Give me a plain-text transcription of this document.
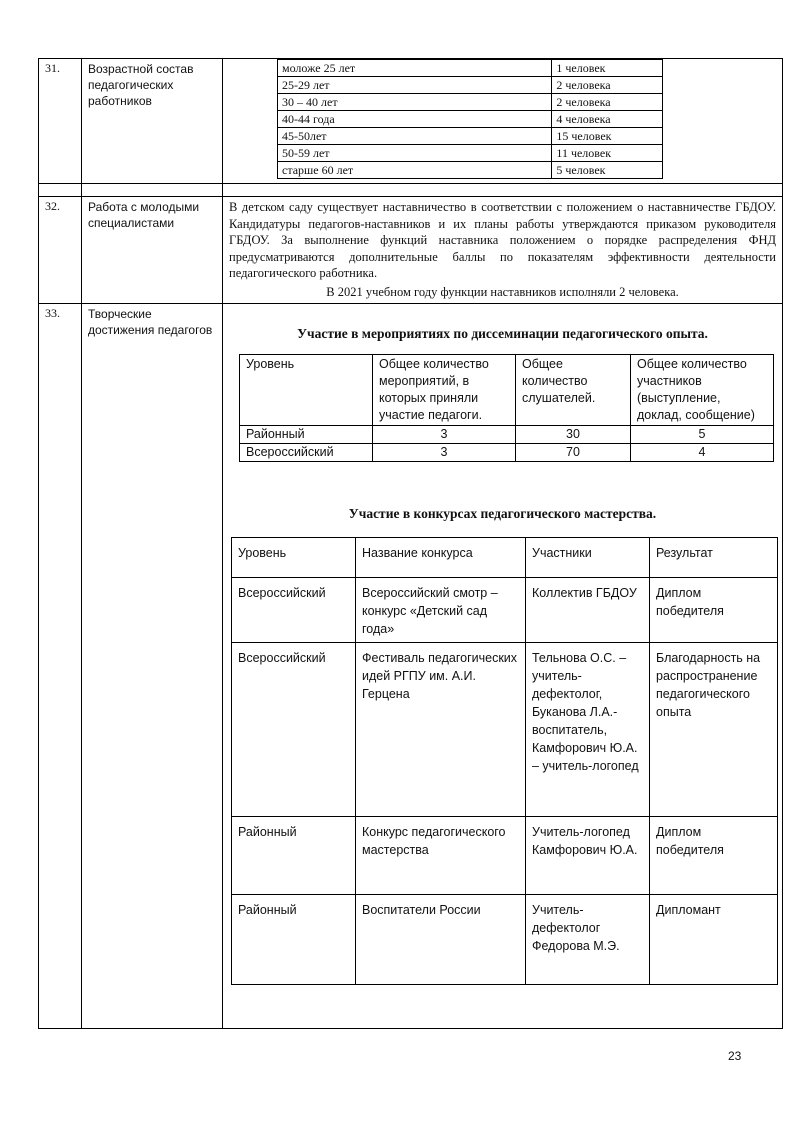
31.	Возрастной состав педагогических работников	
моложе 25 лет	1 человек
25-29 лет	2 человека
30 – 40 лет	2 человека
40-44 года	4 человека
45-50лет	15 человек
50-59 лет	11 человек
старше 60 лет	5 человек

32.	Работа с молодыми специалистами	
В детском саду существует наставничество в соответствии с положением о наставничестве ГБДОУ. Кандидатуры педагогов-наставников и их планы работы утверждаются приказом руководителя ГБДОУ. За выполнение функций наставника положением о порядке распределения ФНД предусматриваются дополнительные баллы по показателям эффективности деятельности педагогического работника.
В 2021 учебном году функции наставников исполняли 2 человека.

33.	Творческие достижения педагогов	Участие в мероприятиях по диссеминации педагогического опыта.
Уровень	Общее количество мероприятий, в которых приняли участие педагоги.	Общее количество слушателей.	Общее количество участников (выступление, доклад, сообщение)
Районный	3	30	5
Всероссийский	3	70	4
Участие в конкурсах педагогического мастерства.
Уровень	Название конкурса	Участники	Результат
Всероссийский	Всероссийский смотр – конкурс «Детский сад года»	Коллектив ГБДОУ	Диплом победителя
Всероссийский	Фестиваль педагогических идей РГПУ им. А.И. Герцена	Тельнова О.С. – учитель-дефектолог, Буканова Л.А.- воспитатель, Камфорович Ю.А. – учитель-логопед	Благодарность на распространение педагогического опыта
Районный	Конкурс педагогического мастерства	Учитель-логопед Камфорович Ю.А.	Диплом победителя
Районный	Воспитатели России	Учитель-дефектолог Федорова М.Э.	Дипломант
23
